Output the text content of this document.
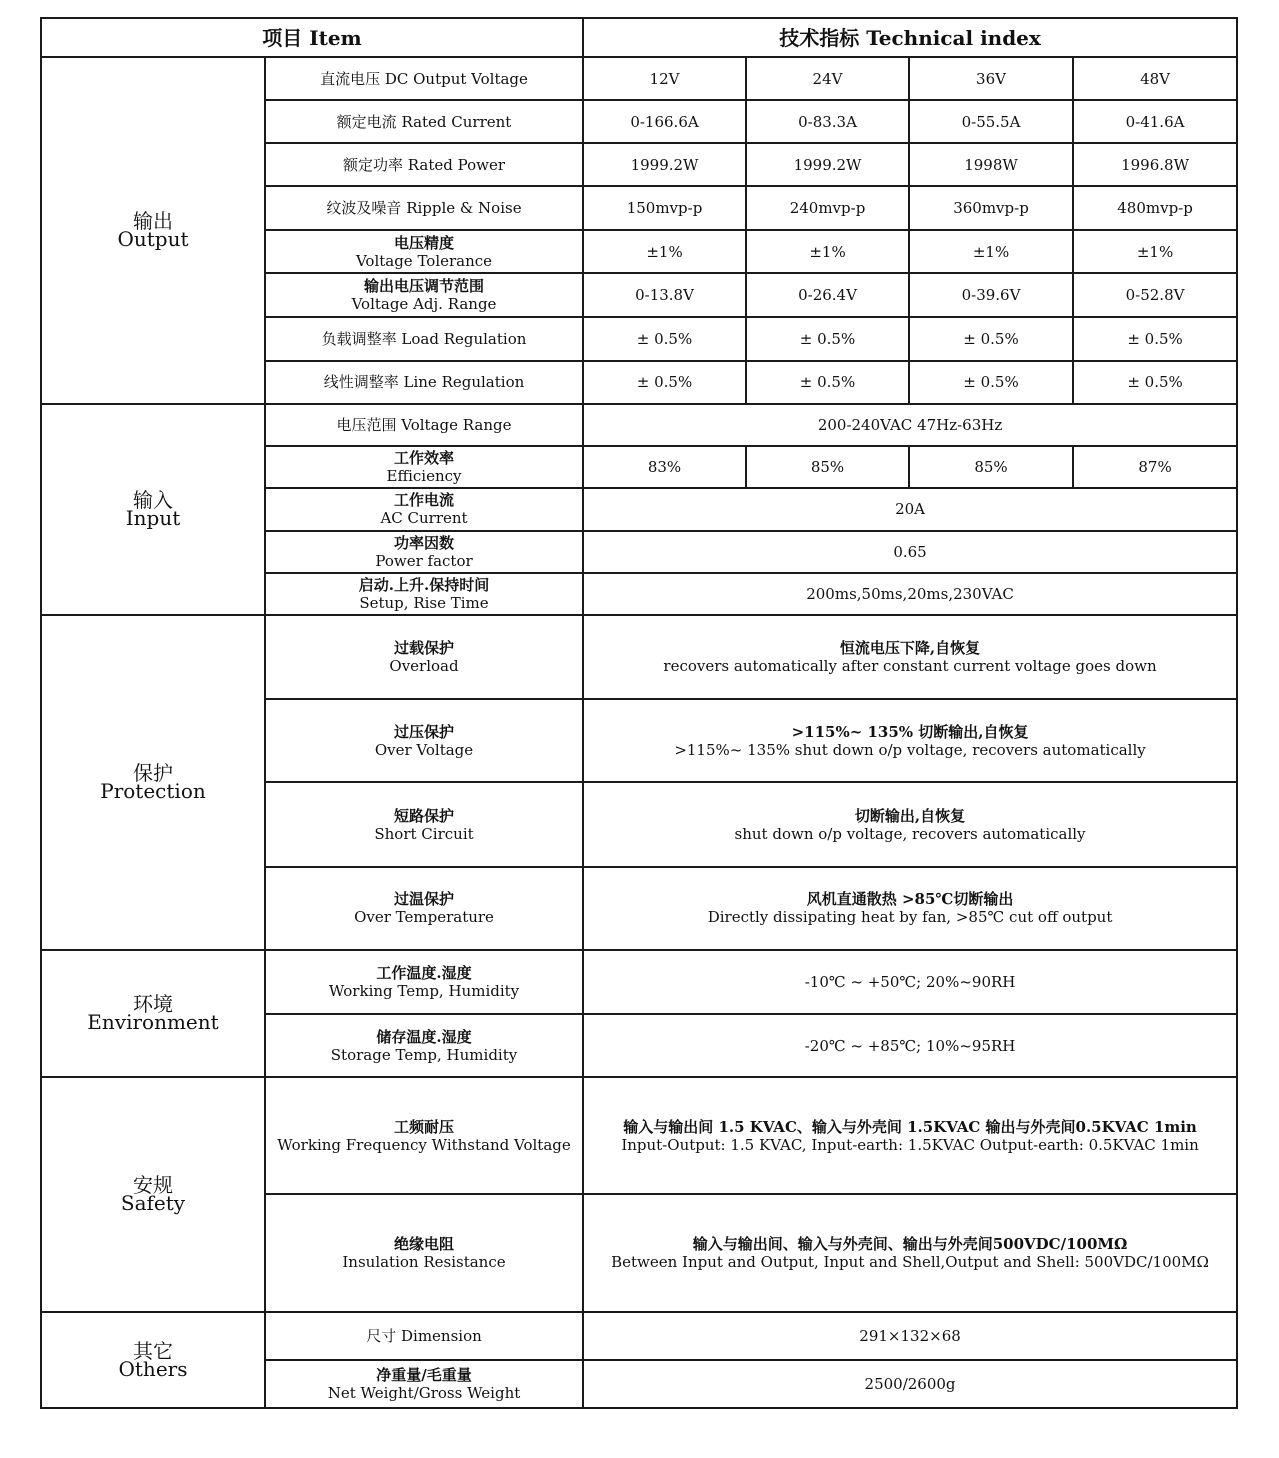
项目 Item		技术指标 Technical index			

输出
Output	直流电压 DC Output Voltage	12V	24V	36V	48V
	额定电流 Rated Current	0-166.6A	0-83.3A	0-55.5A	0-41.6A
	额定功率 Rated Power	1999.2W	1999.2W	1998W	1996.8W
	纹波及噪音 Ripple & Noise	150mvp-p	240mvp-p	360mvp-p	480mvp-p

	电压精度
Voltage Tolerance	±1%	±1%	±1%	±1%

	输出电压调节范围
Voltage Adj. Range	0-13.8V	0-26.4V	0-39.6V	0-52.8V
	负载调整率 Load Regulation	± 0.5%	± 0.5%	± 0.5%	± 0.5%
	线性调整率 Line Regulation	± 0.5%	± 0.5%	± 0.5%	± 0.5%

输入
Input	电压范围 Voltage Range	200-240VAC 47Hz-63Hz			

	工作效率
Efficiency	83%	85%	85%	87%

	工作电流
AC Current	20A			

	功率因数
Power factor	0.65			

	启动.上升.保持时间
Setup, Rise Time	200ms,50ms,20ms,230VAC			

保护
Protection	过载保护
Overload	恒流电压下降,自恢复
recovers automatically after constant current voltage goes down			

	过压保护
Over Voltage	>115%~ 135% 切断输出,自恢复
>115%~ 135% shut down o/p voltage, recovers automatically			

	短路保护
Short Circuit	切断输出,自恢复
shut down o/p voltage, recovers automatically			

	过温保护
Over Temperature	风机直通散热 >85℃切断输出
Directly dissipating heat by fan, >85℃ cut off output			

环境
Environment	工作温度.湿度
Working Temp, Humidity	-10℃ ~ +50℃; 20%~90RH			

	储存温度.湿度
Storage Temp, Humidity	-20℃ ~ +85℃; 10%~95RH			

安规
Safety	工频耐压
Working Frequency Withstand Voltage	输入与输出间 1.5 KVAC、输入与外壳间 1.5KVAC 输出与外壳间0.5KVAC 1min
Input-Output: 1.5 KVAC, Input-earth: 1.5KVAC Output-earth: 0.5KVAC 1min			

	绝缘电阻
Insulation Resistance	输入与输出间、输入与外壳间、输出与外壳间500VDC/100MΩ
Between Input and Output, Input and Shell,Output and Shell: 500VDC/100MΩ			

其它
Others	尺寸 Dimension	291×132×68			

	净重量/毛重量
Net Weight/Gross Weight	2500/2600g			
